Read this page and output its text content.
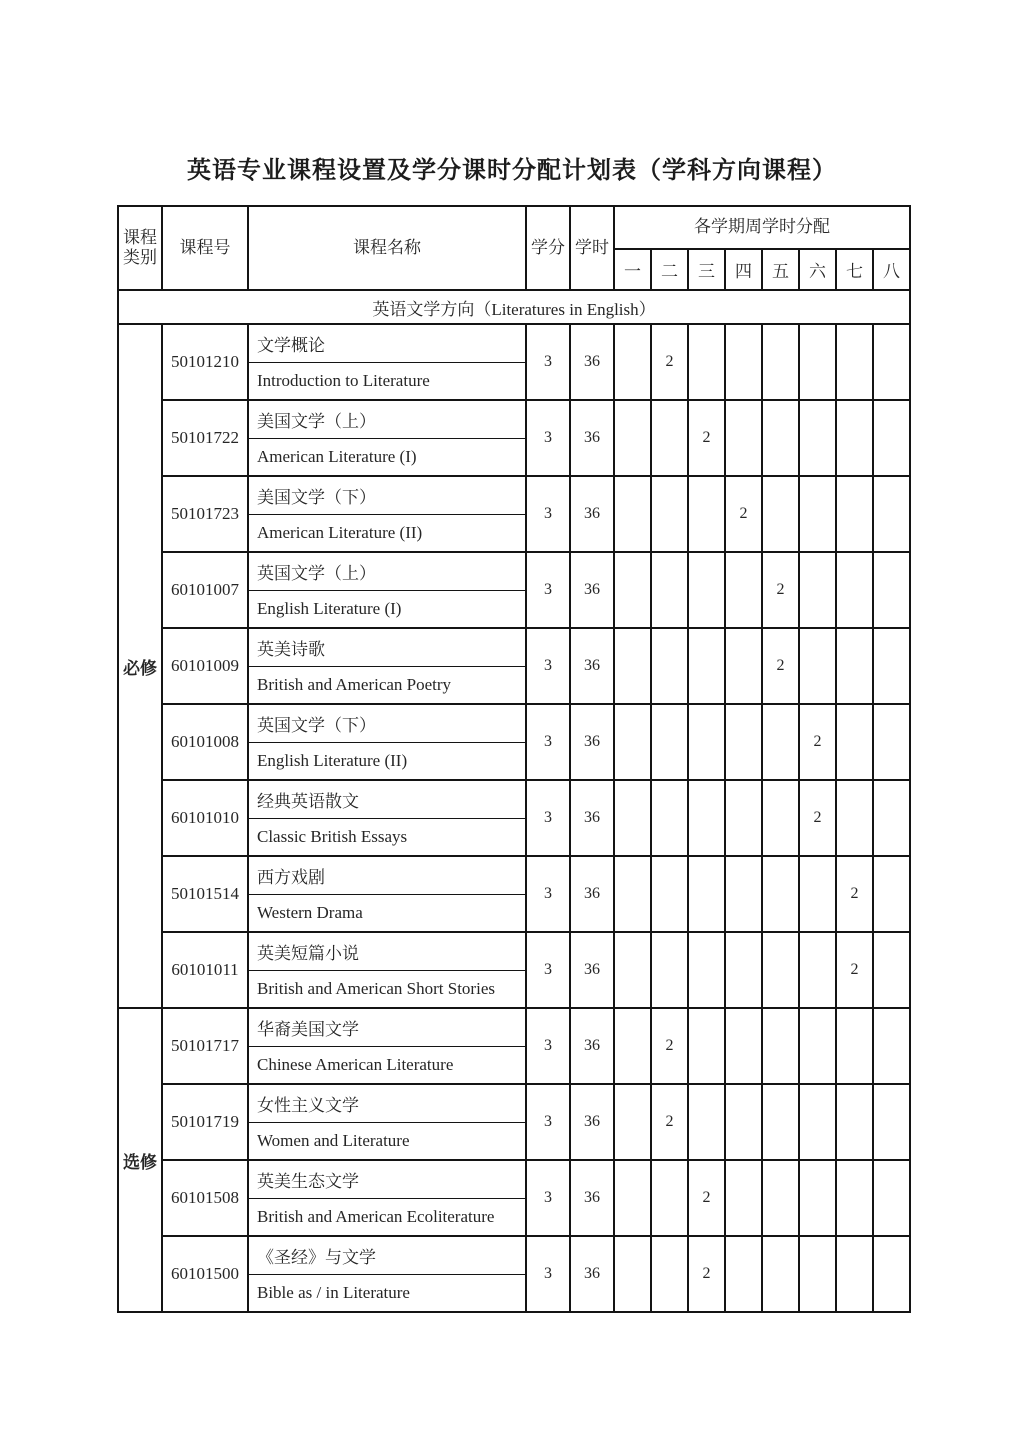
英语专业课程设置及学分课时分配计划表（学科方向课程）
课程类别	课程号	课程名称	学分	学时	各学期周学时分配							
					一	二	三	四	五	六	七	八
英语文学方向（Literatures in English）												
必修	50101210	文学概论	3	36		2						
		Introduction to Literature										
	50101722	美国文学（上）	3	36			2					
		American Literature (I)										
	50101723	美国文学（下）	3	36				2				
		American Literature (II)										
	60101007	英国文学（上）	3	36					2			
		English Literature (I)										
	60101009	英美诗歌	3	36					2			
		British and American Poetry										
	60101008	英国文学（下）	3	36						2		
		English Literature (II)										
	60101010	经典英语散文	3	36						2		
		Classic British Essays										
	50101514	西方戏剧	3	36							2	
		Western Drama										
	60101011	英美短篇小说	3	36							2	
		British and American Short Stories										
选修	50101717	华裔美国文学	3	36		2						
		Chinese American Literature										
	50101719	女性主义文学	3	36		2						
		Women and Literature										
	60101508	英美生态文学	3	36			2					
		British and American Ecoliterature										
	60101500	《圣经》与文学	3	36			2					
		Bible as / in Literature										
